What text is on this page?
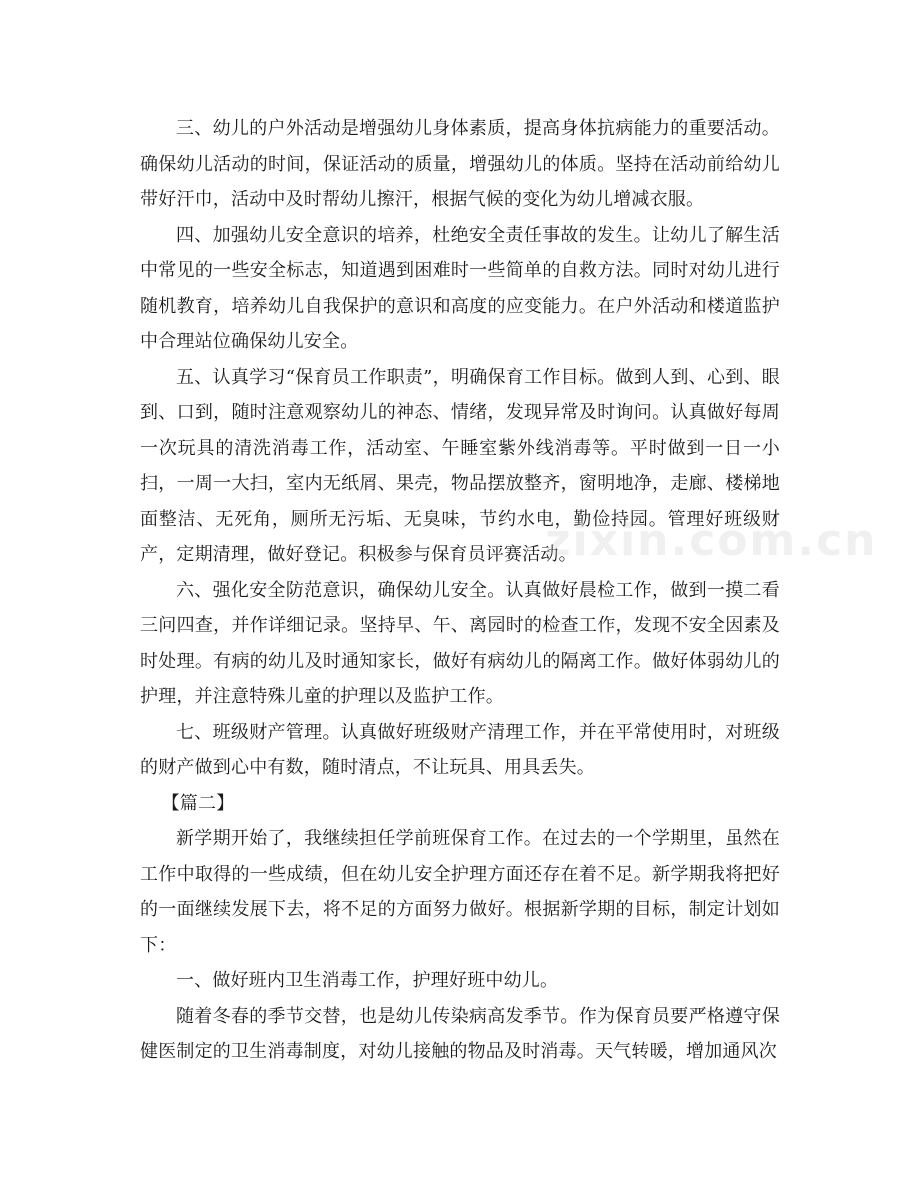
三、幼儿的户外活动是增强幼儿身体素质，提高身体抗病能力的重要活动。确保幼儿活动的时间，保证活动的质量，增强幼儿的体质。坚持在活动前给幼儿带好汗巾，活动中及时帮幼儿擦汗，根据气候的变化为幼儿增减衣服。

四、加强幼儿安全意识的培养，杜绝安全责任事故的发生。让幼儿了解生活中常见的一些安全标志，知道遇到困难时一些简单的自救方法。同时对幼儿进行随机教育，培养幼儿自我保护的意识和高度的应变能力。在户外活动和楼道监护中合理站位确保幼儿安全。

五、认真学习“保育员工作职责”，明确保育工作目标。做到人到、心到、眼到、口到，随时注意观察幼儿的神态、情绪，发现异常及时询问。认真做好每周一次玩具的清洗消毒工作，活动室、午睡室紫外线消毒等。平时做到一日一小扫，一周一大扫，室内无纸屑、果壳，物品摆放整齐，窗明地净，走廊、楼梯地面整洁、无死角，厕所无污垢、无臭味，节约水电，勤俭持园。管理好班级财产，定期清理，做好登记。积极参与保育员评赛活动。

六、强化安全防范意识，确保幼儿安全。认真做好晨检工作，做到一摸二看三问四查，并作详细记录。坚持早、午、离园时的检查工作，发现不安全因素及时处理。有病的幼儿及时通知家长，做好有病幼儿的隔离工作。做好体弱幼儿的护理，并注意特殊儿童的护理以及监护工作。

七、班级财产管理。认真做好班级财产清理工作，并在平常使用时，对班级的财产做到心中有数，随时清点，不让玩具、用具丢失。

【篇二】

新学期开始了，我继续担任学前班保育工作。在过去的一个学期里，虽然在工作中取得的一些成绩，但在幼儿安全护理方面还存在着不足。新学期我将把好的一面继续发展下去，将不足的方面努力做好。根据新学期的目标，制定计划如下：

一、做好班内卫生消毒工作，护理好班中幼儿。

随着冬春的季节交替，也是幼儿传染病高发季节。作为保育员要严格遵守保健医制定的卫生消毒制度，对幼儿接触的物品及时消毒。天气转暖，增加通风次

zixin.com.cn
